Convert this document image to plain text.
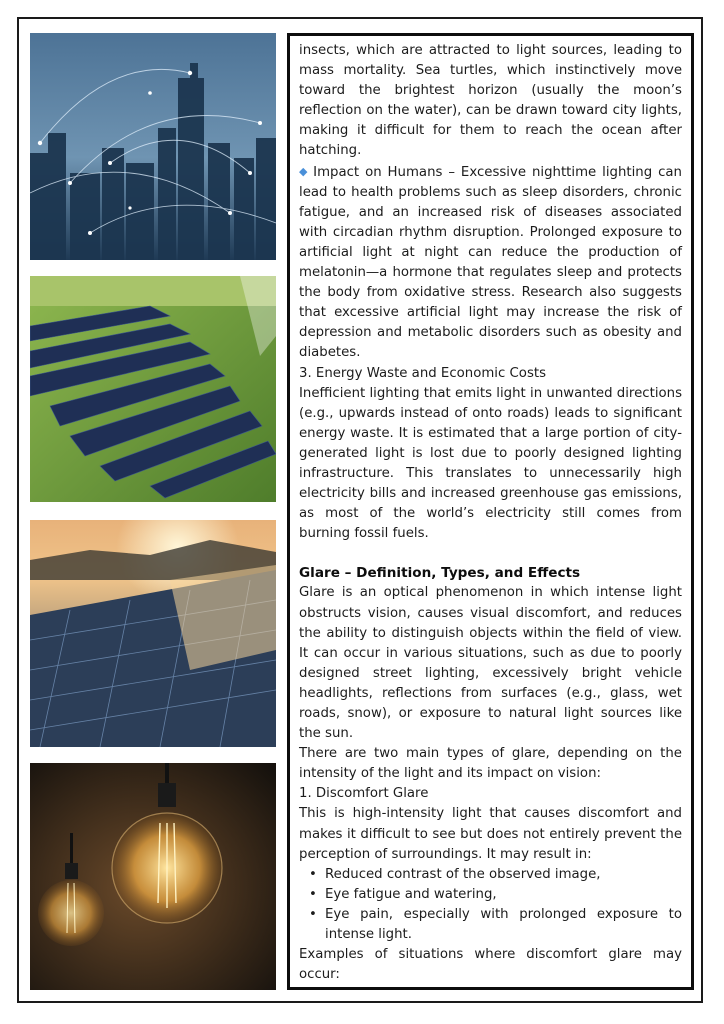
insects, which are attracted to light sources, leading to mass mortality. Sea turtles, which instinctively move toward the brightest horizon (usually the moon’s reflection on the water), can be drawn toward city lights, making it difficult for them to reach the ocean after hatching.

◆ Impact on Humans – Excessive nighttime lighting can lead to health problems such as sleep disorders, chronic fatigue, and an increased risk of diseases associated with circadian rhythm disruption. Prolonged exposure to artificial light at night can reduce the production of melatonin—a hormone that regulates sleep and protects the body from oxidative stress. Research also suggests that excessive artificial light may increase the risk of depression and metabolic disorders such as obesity and diabetes.

3. Energy Waste and Economic Costs

Inefficient lighting that emits light in unwanted directions (e.g., upwards instead of onto roads) leads to significant energy waste. It is estimated that a large portion of city-generated light is lost due to poorly designed lighting infrastructure. This translates to unnecessarily high electricity bills and increased greenhouse gas emissions, as most of the world’s electricity still comes from burning fossil fuels.

Glare – Definition, Types, and Effects

Glare is an optical phenomenon in which intense light obstructs vision, causes visual discomfort, and reduces the ability to distinguish objects within the field of view. It can occur in various situations, such as due to poorly designed street lighting, excessively bright vehicle headlights, reflections from surfaces (e.g., glass, wet roads, snow), or exposure to natural light sources like the sun.

There are two main types of glare, depending on the intensity of the light and its impact on vision:

1. Discomfort Glare

This is high-intensity light that causes discomfort and makes it difficult to see but does not entirely prevent the perception of surroundings. It may result in:

• Reduced contrast of the observed image,
• Eye fatigue and watering,
• Eye pain, especially with prolonged exposure to intense light.

Examples of situations where discomfort glare may occur:
